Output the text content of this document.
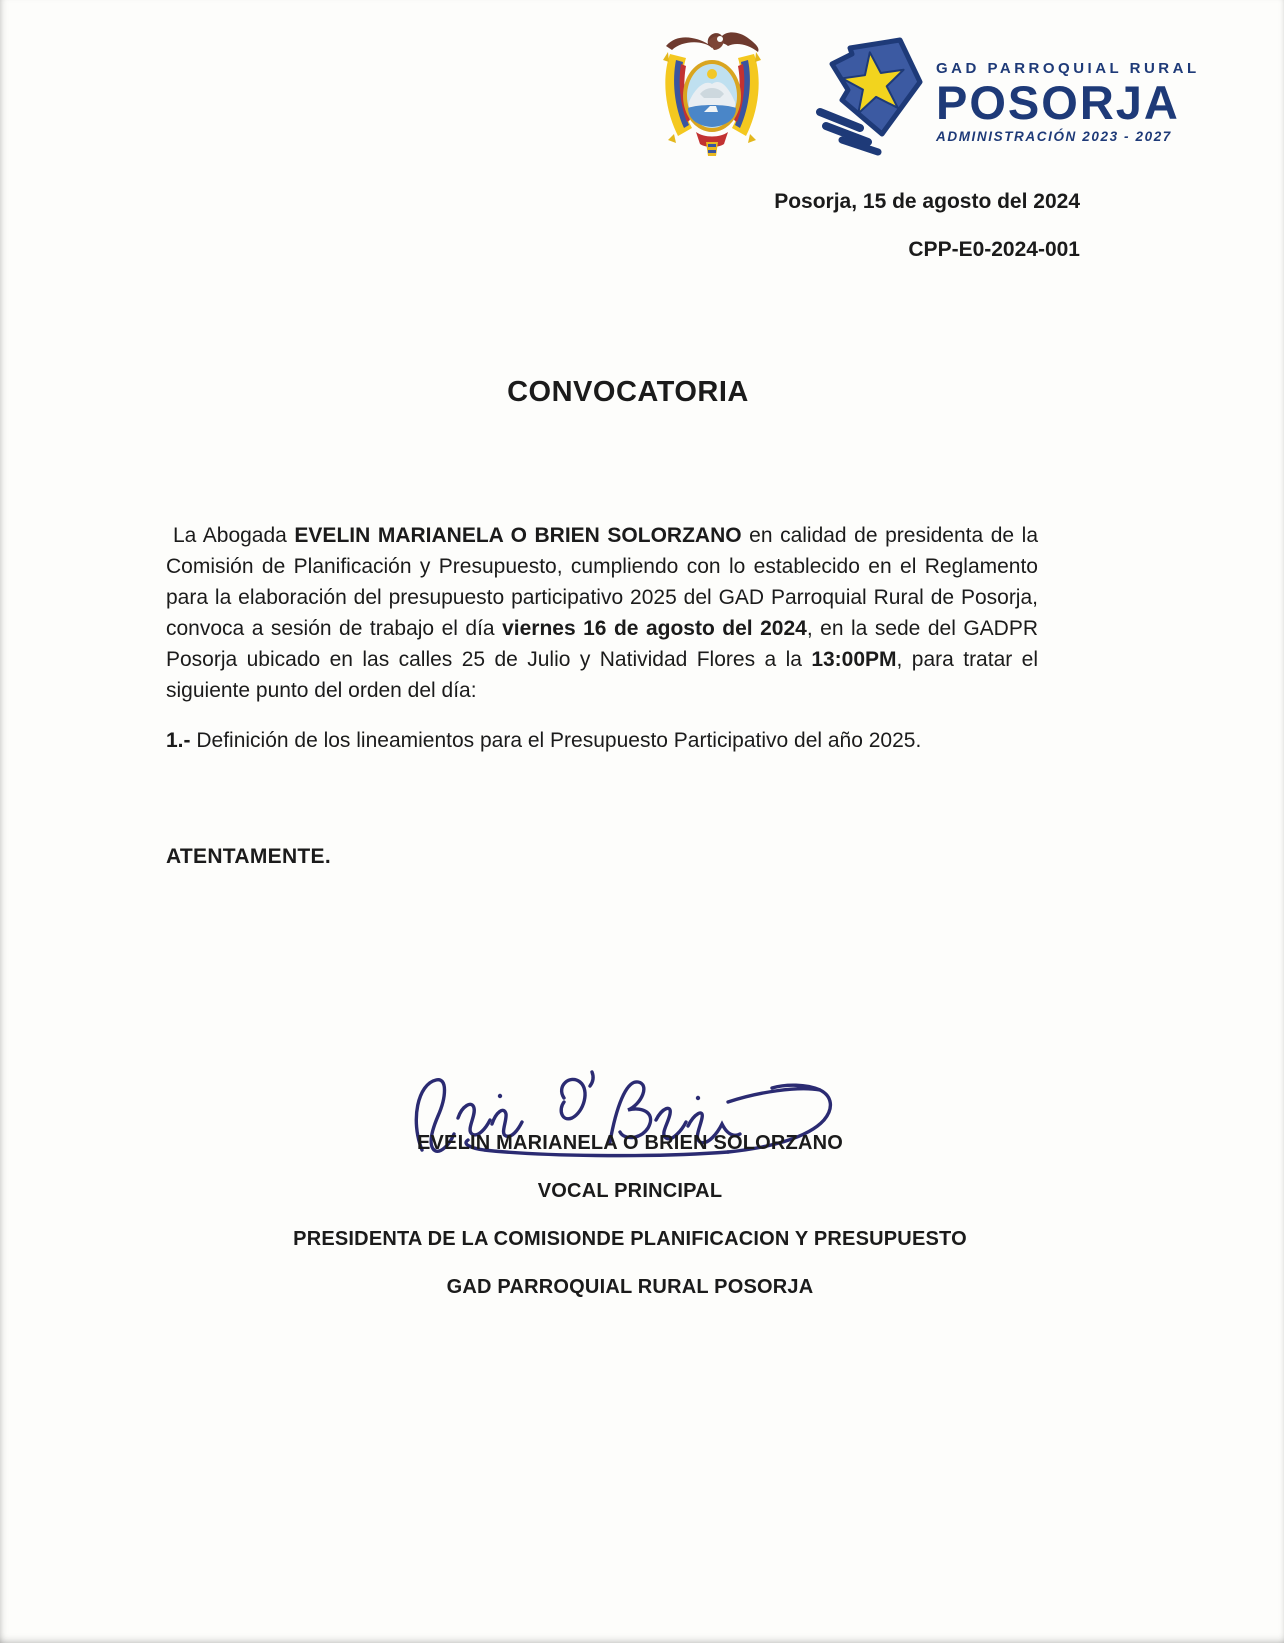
GAD PARROQUIAL RURAL
POSORJA
ADMINISTRACIÓN 2023 - 2027
Posorja, 15 de agosto del 2024
CPP-E0-2024-001
CONVOCATORIA
La Abogada EVELIN MARIANELA O BRIEN SOLORZANO en calidad de presidenta de la Comisión de Planificación y Presupuesto, cumpliendo con lo establecido en el Reglamento para la elaboración del presupuesto participativo 2025 del GAD Parroquial Rural de Posorja, convoca a sesión de trabajo el día viernes 16 de agosto del 2024, en la sede del GADPR Posorja ubicado en las calles 25 de Julio y Natividad Flores a la 13:00PM, para tratar el siguiente punto del orden del día:
1.- Definición de los lineamientos para el Presupuesto Participativo del año 2025.
ATENTAMENTE.
EVELIN MARIANELA O BRIEN SOLORZANO
VOCAL PRINCIPAL
PRESIDENTA DE LA COMISIONDE PLANIFICACION Y PRESUPUESTO
GAD PARROQUIAL RURAL POSORJA
